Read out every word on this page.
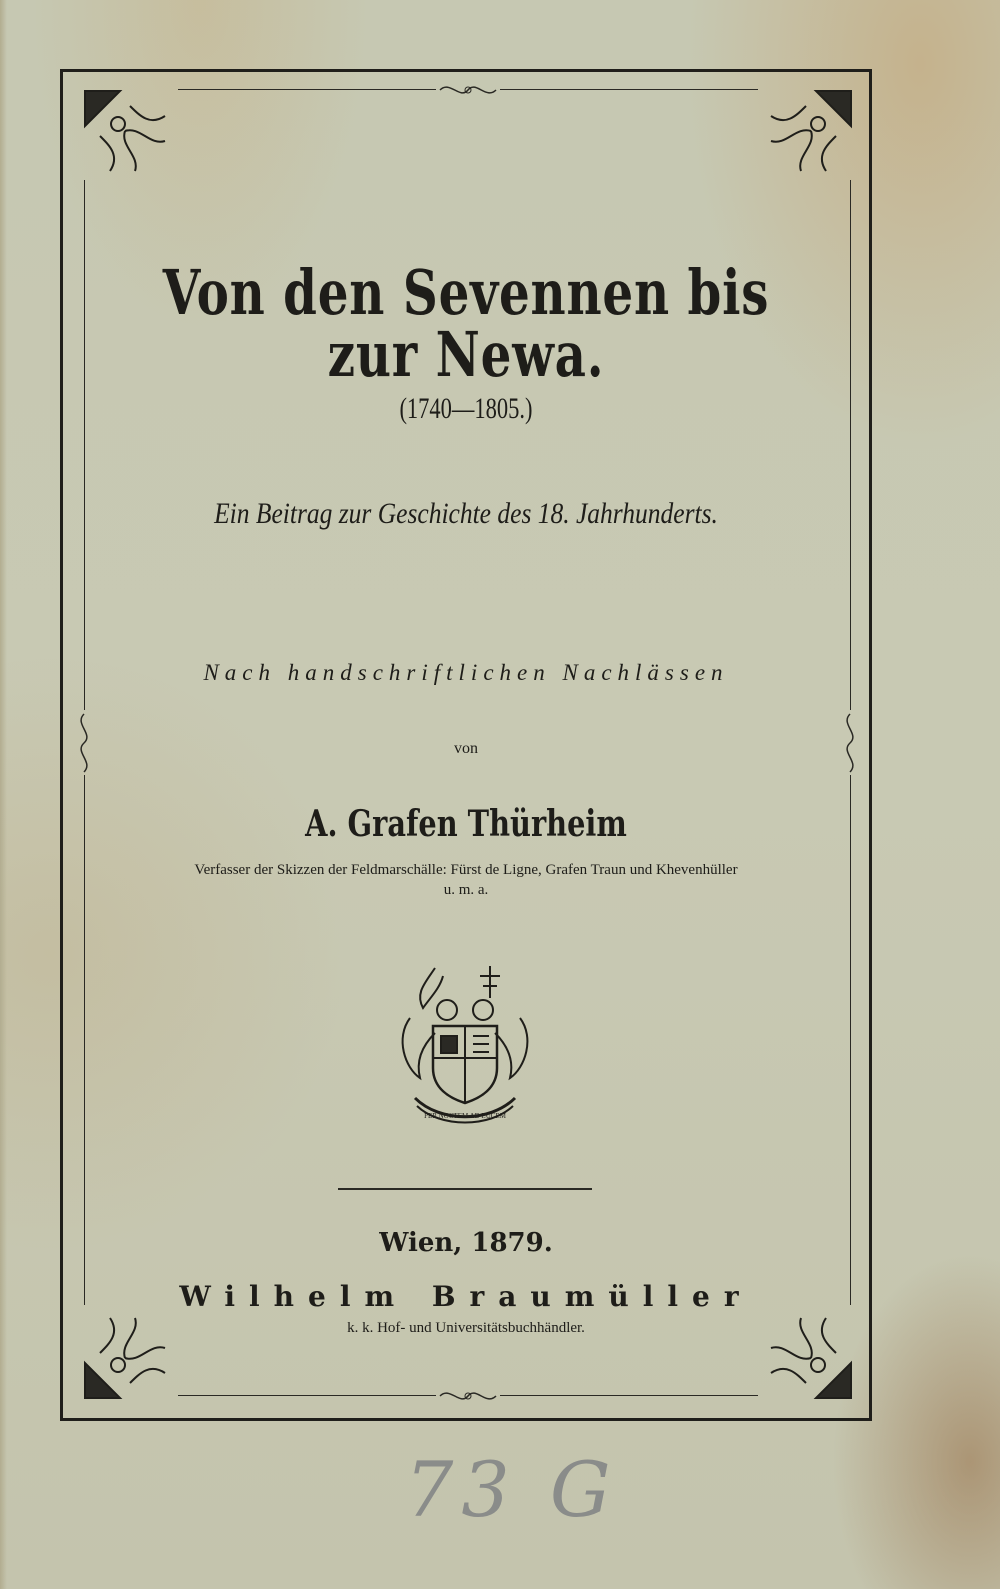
Von den Sevennen bis zur Newa.
(1740—1805.)
Ein Beitrag zur Geschichte des 18. Jahrhunderts.
Nach handschriftlichen Nachlässen
von
A. Grafen Thürheim
Verfasser der Skizzen der Feldmarschälle: Fürst de Ligne, Grafen Traun und Khevenhüller
u. m. a.
PER NOCTEM AD LUCEM
Wien, 1879.
Wilhelm Braumüller
k. k. Hof- und Universitätsbuchhändler.
73 G
